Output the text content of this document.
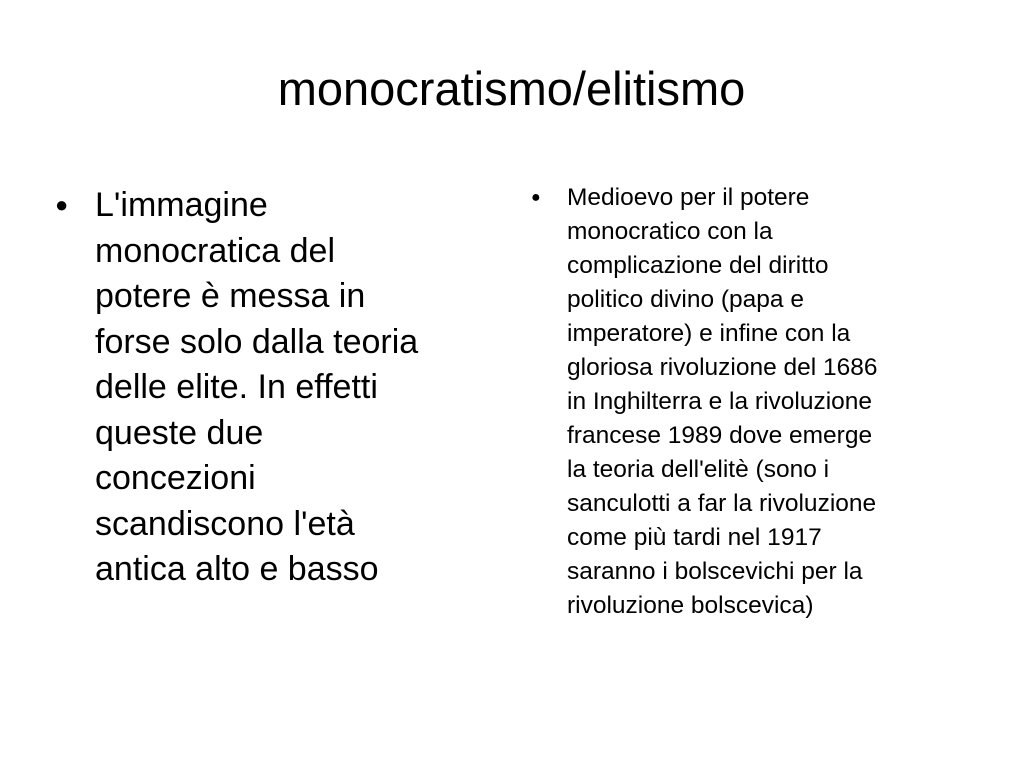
monocratismo/elitismo
● L'immagine
monocratica del
potere è messa in
forse solo dalla teoria
delle elite. In effetti
queste due
concezioni
scandiscono l'età
antica alto e basso
●	Medioevo per il potere
monocratico con la
complicazione del diritto
politico divino (papa e
imperatore) e infine con la
gloriosa rivoluzione del 1686
in Inghilterra e la rivoluzione
francese 1989 dove emerge
la teoria dell'elitè (sono i
sanculotti a far la rivoluzione
come più tardi nel 1917
saranno i bolscevichi per la
rivoluzione bolscevica)
